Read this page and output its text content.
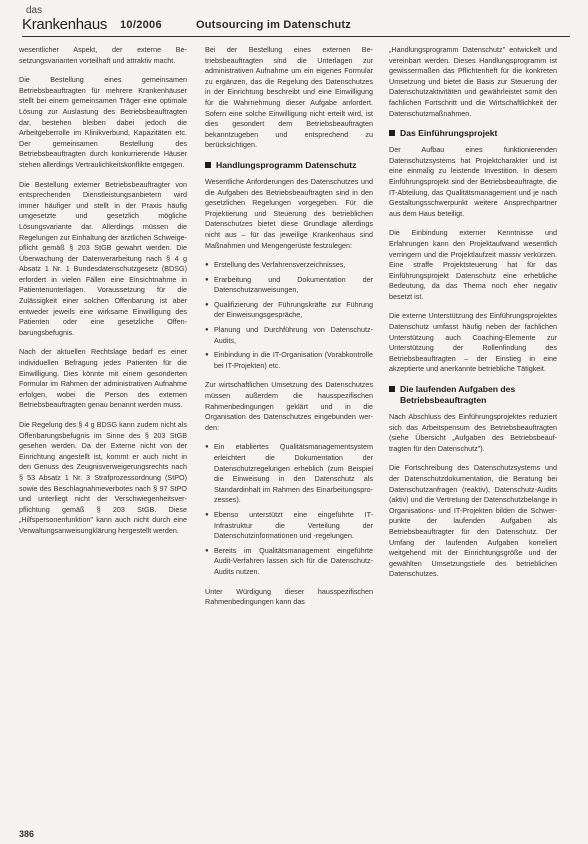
das
Krankenhaus 10/2006	Outsourcing im Datenschutz

wesentlicher Aspekt, der externe Besetzungsvarianten vorteilhaft und attraktiv macht.

Die Bestellung eines gemeinsamen Betriebsbeauftragten für mehrere Krankenhäuser stellt bei einem gemeinsamen Träger eine optimale Lösung zur Auslastung des Betriebsbeauftragten dar, bestehen bleiben dabei jedoch die Arbeitgeberrolle im Klinikverbund, Kapazitäten etc. Der gemeinsamen Bestellung des Betriebsbeauftragten durch konkurrierende Häuser stehen allerdings Vertraulichkeitskonflikte entgegen.

Die Bestellung externer Betriebsbeauftragter von entsprechenden Dienstleistungsanbietern wird immer häufiger und stellt in der Praxis häufig umgesetzte und gesetzlich mögliche Lösungsvariante dar. Allerdings müssen die Regelungen zur Einhaltung der ärztlichen Schweigepflicht gemäß § 203 StGB gewahrt werden. Die Überwachung der Datenverarbeitung nach § 4 g Absatz 1 Nr. 1 Bundesdatenschutzgesetz (BDSG) erfordert in vielen Fällen eine Einsichtnahme in Patientenunterlagen. Voraussetzung für die Zulässigkeit einer solchen Offenbarung ist aber entweder jeweils eine wirksame Einwilligung des Patienten oder eine gesetzliche Offenbarungsbefugnis.

Nach der aktuellen Rechtslage bedarf es einer individuellen Befragung jedes Patienten für die Einwilligung. Dies könnte mit einem gesonderten Formular im Rahmen der administrativen Aufnahme erfolgen, wobei die Person des externen Betriebsbeauftragten genau benannt werden muss.

Die Regelung des § 4 g BDSG kann zudem nicht als Offenbarungsbefugnis im Sinne des § 203 StGB gesehen werden. Da der Externe nicht von der Einrichtung angestellt ist, kommt er auch nicht in den Genuss des Zeugnisverweigerungsrechts nach § 53 Absatz 1 Nr. 3 Strafprozessordnung (StPO) sowie des Beschlagnahmeverbotes nach § 97 StPO und unterliegt nicht der Verschwiegenheitsverpflichtung gemäß § 203 StGB. Diese „Hilfspersonenfunktion" kann auch nicht durch eine Verwaltungsanweisungklärung hergestellt werden.

Bei der Bestellung eines externen Betriebsbeauftragten sind die Unterlagen zur administrativen Aufnahme um ein eigenes Formular zu ergänzen, das die Regelung des Datenschutzes in der Einrichtung beschreibt und eine Einwilligung für die Wahrnehmung dieser Aufgabe anfordert. Sofern eine solche Einwilligung nicht erteilt wird, ist dies gesondert dem Betriebsbeauftragten bekanntzugeben und entsprechend zu berücksichtigen.

Handlungsprogramm Datenschutz

Wesentliche Anforderungen des Datenschutzes und die Aufgaben des Betriebsbeauftragten sind in den gesetzlichen Regelungen vorgegeben. Für die Projektierung und Steuerung des betrieblichen Datenschutzes bietet diese Grundlage allerdings nicht aus – für das jeweilige Krankenhaus sind Maßnahmen und Mengengerüste festzulegen:

● Erstellung des Verfahrensverzeichnisses,
● Erarbeitung und Dokumentation der Datenschutzanweisungen,
● Qualifizierung der Führungskräfte zur Führung der Einweisungsgespräche,
● Planung und Durchführung von Datenschutz-Audits,
● Einbindung in die IT-Organisation (Vorabkontrolle bei IT-Projekten) etc.

Zur wirtschaftlichen Umsetzung des Datenschutzes müssen außerdem die hausspezifischen Rahmenbedingungen geklärt und in die Organisation des Datenschutzes eingebunden werden:

● Ein etabliertes Qualitätsmanagementsystem erleichtert die Dokumentation der Datenschutzregelungen erheblich (zum Beispiel die Einweisung in den Datenschutz als Standardinhalt im Rahmen des Einarbeitungsprozesses).
● Ebenso unterstützt eine eingeführte IT-Infrastruktur die Verteilung der Datenschutzinformationen und -regelungen.
● Bereits im Qualitätsmanagement eingeführte Audit-Verfahren lassen sich für die Datenschutz-Audits nutzen.

Unter Würdigung dieser hausspezifischen Rahmenbedingungen kann das

„Handlungsprogramm Datenschutz" entwickelt und vereinbart werden. Dieses Handlungsprogramm ist gewissermaßen das Pflichtenheft für die konkreten Umsetzung und bietet die Basis zur Steuerung der Datenschutzaktivitäten und gewährleistet somit den fachlichen Fortschritt und die Wirtschaftlichkeit der Datenschutzmaßnahmen.

Das Einführungsprojekt

Der Aufbau eines funktionierenden Datenschutzsystems hat Projektcharakter und ist eine einmalig zu leistende Investition. In diesem Einführungsprojekt sind der Betriebsbeauftragte, die IT-Abteilung, das Qualitätsmanagement und je nach Gestaltungsschwerpunkt weitere Ansprechpartner aus dem Haus beteiligt.

Die Einbindung externer Kenntnisse und Erfahrungen kann den Projektaufwand wesentlich verringern und die Projektlaufzeit massiv verkürzen. Eine straffe Projektsteuerung hat für das Einführungsprojekt Datenschutz eine erhebliche Bedeutung, da das Thema noch eher negativ besetzt ist.

Die externe Unterstützung des Einführungsprojektes Datenschutz umfasst häufig neben der fachlichen Unterstützung auch Coaching-Elemente zur Unterstützung der Rollenfindung des Betriebsbeauftragten – der Einstieg in eine akzeptierte und anerkannte betriebliche Tätigkeit.

Die laufenden Aufgaben des Betriebsbeauftragten

Nach Abschluss des Einführungsprojektes reduziert sich das Arbeitspensum des Betriebsbeauftragten (siehe Übersicht „Aufgaben des Betriebsbeauftragten für den Datenschutz").

Die Fortschreibung des Datenschutzsystems und der Datenschutzdokumentation, die Beratung bei Datenschutzanfragen (reaktiv), Datenschutz-Audits (aktiv) und die Vertretung der Datenschutzbelange in Organisations- und IT-Projekten bilden die Schwerpunkte der laufenden Aufgaben als Betriebsbeauftragter für den Datenschutz. Der Umfang der laufenden Aufgaben korreliert weitgehend mit der Einrichtungsgröße und der gewählten Umsetzungstiefe des betrieblichen Datenschutzes.

386
